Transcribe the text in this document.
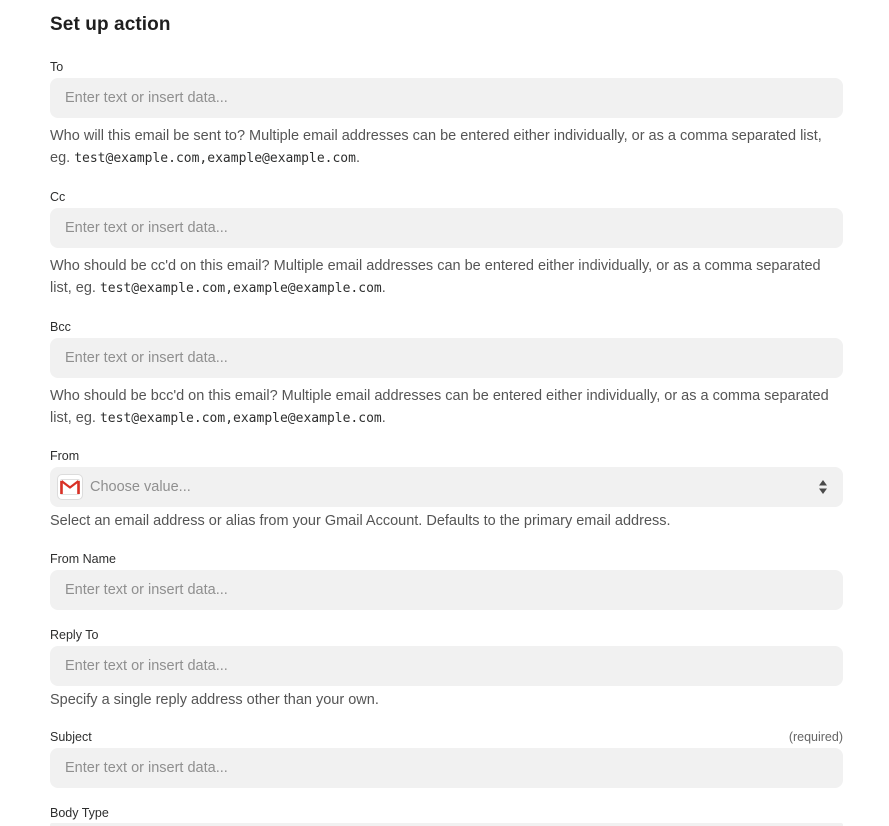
Set up action
To
Enter text or insert data...
Who will this email be sent to? Multiple email addresses can be entered either individually, or as a comma separated list,
eg. test@example.com,example@example.com.
Cc
Enter text or insert data...
Who should be cc'd on this email? Multiple email addresses can be entered either individually, or as a comma separated
list, eg. test@example.com,example@example.com.
Bcc
Enter text or insert data...
Who should be bcc'd on this email? Multiple email addresses can be entered either individually, or as a comma separated
list, eg. test@example.com,example@example.com.
From
Choose value...
Select an email address or alias from your Gmail Account. Defaults to the primary email address.
From Name
Enter text or insert data...
Reply To
Enter text or insert data...
Specify a single reply address other than your own.
Subject	(required)
Enter text or insert data...
Body Type
